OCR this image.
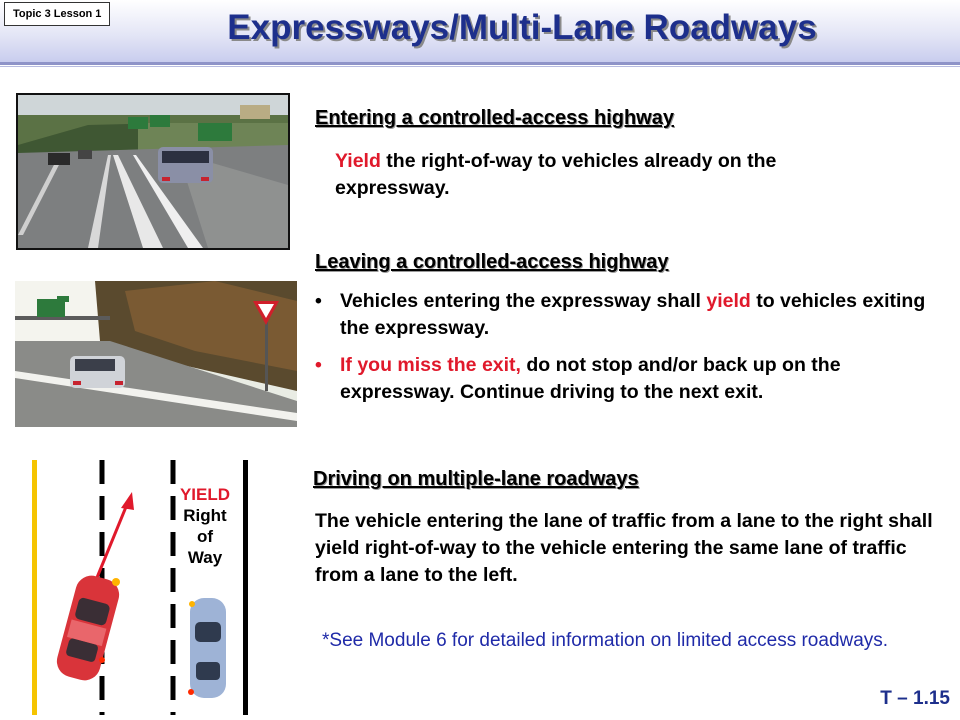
Topic 3 Lesson 1	Expressways/Multi-Lane Roadways
Entering a controlled-access highway
Yield the right-of-way to vehicles already on the expressway.
Leaving a controlled-access highway
• Vehicles entering the expressway shall yield to vehicles exiting the expressway.
• If you miss the exit, do not stop and/or back up on the expressway. Continue driving to the next exit.
YIELD
Right
of
Way
Driving on multiple-lane roadways
The vehicle entering the lane of traffic from a lane to the right shall yield right-of-way to the vehicle entering the same lane of traffic from a lane to the left.
*See Module 6 for detailed information on limited access roadways.
T – 1.15
